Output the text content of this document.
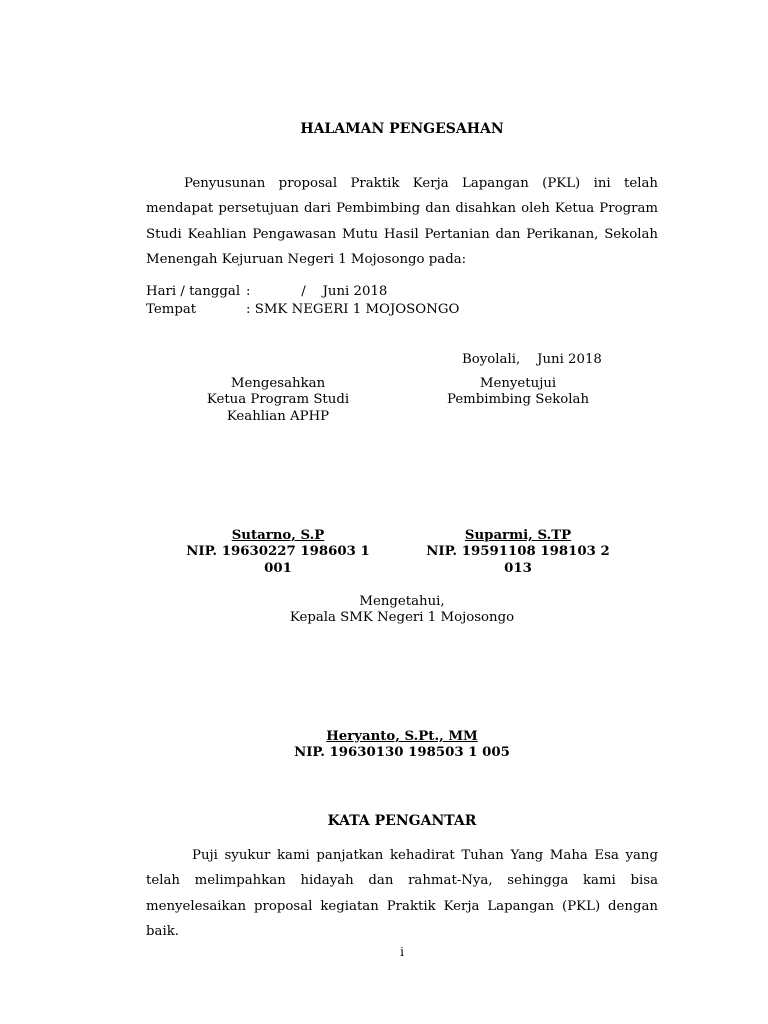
HALAMAN PENGESAHAN

Penyusunan proposal Praktik Kerja Lapangan (PKL) ini telah mendapat persetujuan dari Pembimbing dan disahkan oleh Ketua Program Studi Keahlian Pengawasan Mutu Hasil Pertanian dan Perikanan, Sekolah Menengah Kejuruan Negeri 1 Mojosongo pada:

Hari / tanggal :            /    Juni 2018
Tempat	: SMK NEGERI 1 MOJOSONGO
Boyolali,    Juni 2018
Mengesahkan
Ketua Program Studi
Keahlian APHP
Menyetujui
Pembimbing Sekolah
Sutarno, S.P
NIP. 19630227 198603 1 001
Suparmi, S.TP
NIP. 19591108 198103 2 013
Mengetahui,
Kepala SMK Negeri 1 Mojosongo
Heryanto, S.Pt., MM
NIP. 19630130 198503 1 005
KATA PENGANTAR

Puji syukur kami panjatkan kehadirat Tuhan Yang Maha Esa yang telah melimpahkan hidayah dan rahmat-Nya, sehingga kami bisa menyelesaikan proposal kegiatan Praktik Kerja Lapangan (PKL) dengan baik.

i
